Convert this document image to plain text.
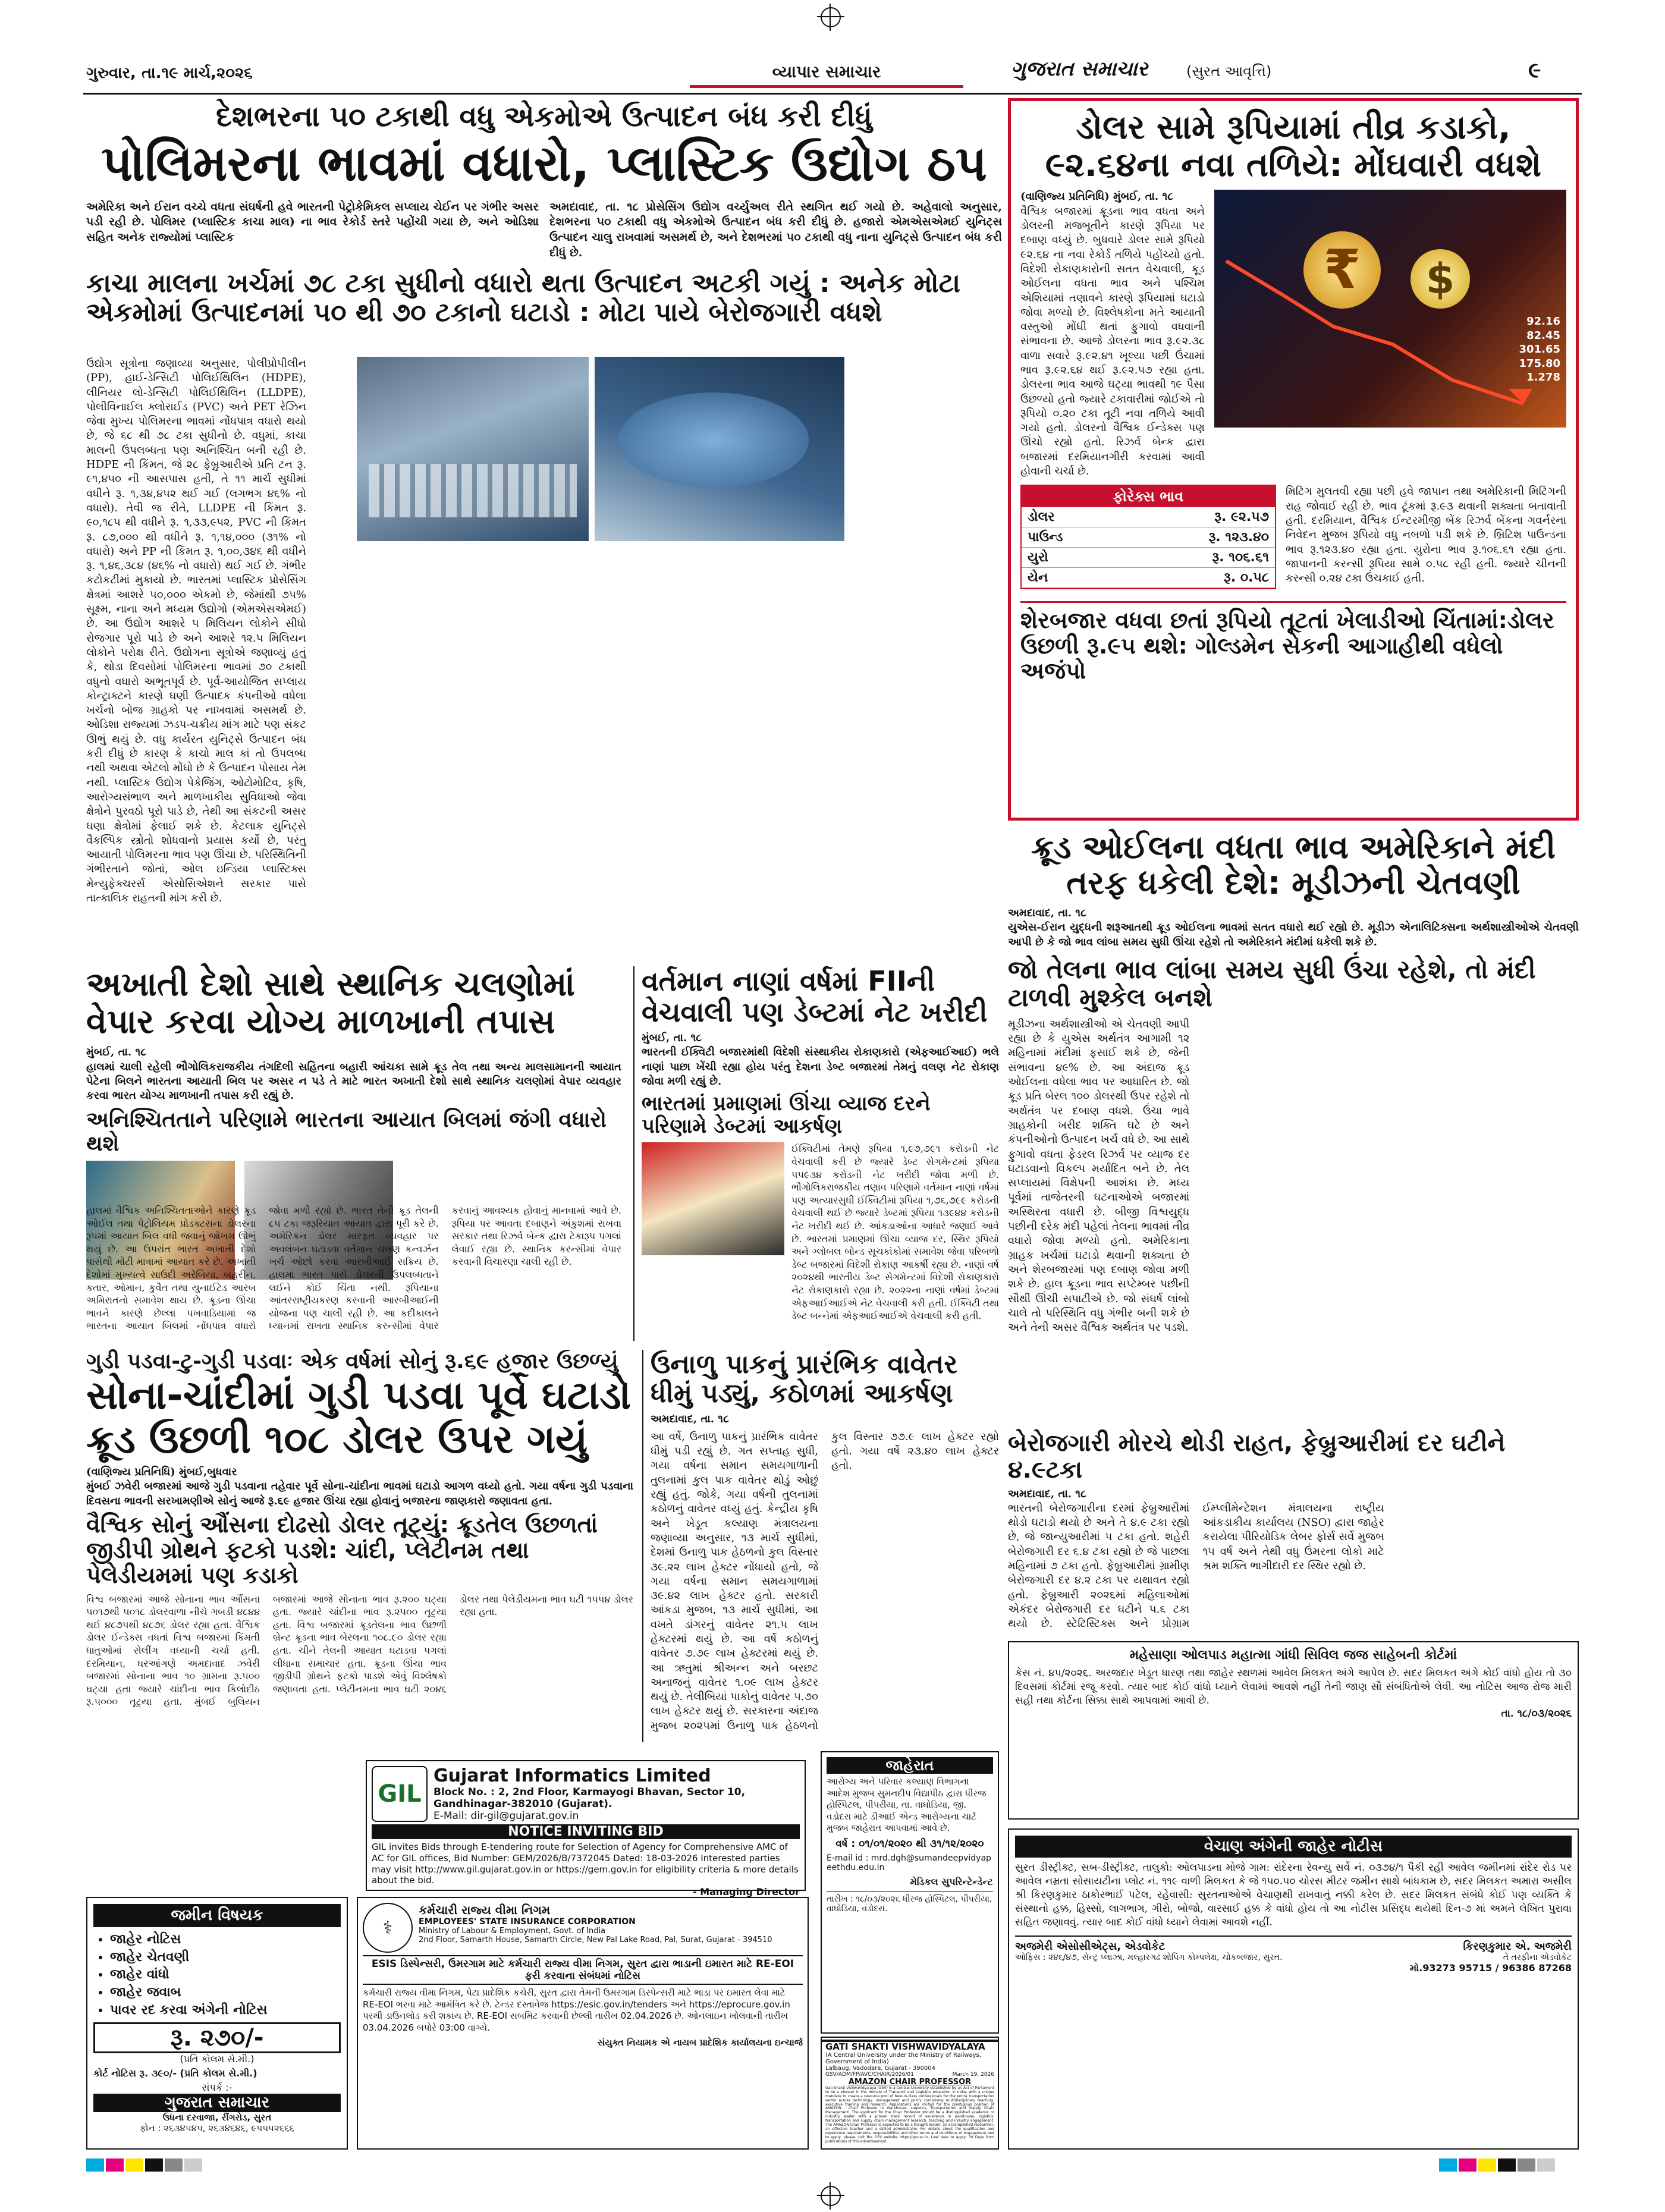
ગુરુવાર, તા.૧૯ માર્ચ,૨૦૨૬	વ્યાપાર સમાચાર	ગુજરાત સમાચાર	(સુરત આવૃત્તિ)	૯
દેશભરના ૫૦ ટકાથી વધુ એકમોએ ઉત્પાદન બંધ કરી દીધું
પોલિમરના ભાવમાં વધારો, પ્લાસ્ટિક ઉદ્યોગ ઠપ
અમેરિકા અને ઈરાન વચ્ચે વધતા સંઘર્ષની હવે ભારતની પેટ્રોકેમિકલ સપ્લાય ચેઈન પર ગંભીર અસર પડી રહી છે. પોલિમર (પ્લાસ્ટિક કાચા માલ) ના ભાવ રેકોર્ડ સ્તરે પહોંચી ગયા છે, અને ઓડિશા સહિત અનેક રાજ્યોમાં પ્લાસ્ટિક
અમદાવાદ, તા. ૧૮ પ્રોસેસિંગ ઉદ્યોગ વર્ચ્યુઅલ રીતે સ્થગિત થઈ ગયો છે. અહેવાલો અનુસાર, દેશભરના ૫૦ ટકાથી વધુ એકમોએ ઉત્પાદન બંધ કરી દીધું છે. હજારો એમએસએમઈ યુનિટ્સ ઉત્પાદન ચાલુ રાખવામાં અસમર્થ છે, અને દેશભરમાં ૫૦ ટકાથી વધુ નાના યુનિટ્સે ઉત્પાદન બંધ કરી દીધું છે.
કાચા માલના ખર્ચમાં ૭૮ ટકા સુધીનો વધારો થતા ઉત્પાદન અટકી ગયું : અનેક મોટા એકમોમાં ઉત્પાદનમાં ૫૦ થી ૭૦ ટકાનો ઘટાડો : મોટા પાયે બેરોજગારી વધશે
ઉદ્યોગ સૂત્રોના જણાવ્યા અનુસાર, પોલીપ્રોપીલીન (PP), હાઈ-ડેન્સિટી પોલિઈથિલિન (HDPE), લીનિયર લો-ડેન્સિટી પોલિઈથિલિન (LLDPE), પોલીવિનાઈલ ક્લોરાઈડ (PVC) અને PET રેઝિન જેવા મુખ્ય પોલિમરના ભાવમાં નોંધપાત્ર વધારો થયો છે, જે ૬૮ થી ૭૮ ટકા સુધીનો છે. વધુમાં, કાચા માલની ઉપલબ્ધતા પણ અનિશ્ચિત બની રહી છે. HDPE ની કિંમત, જે ૨૮ ફેબ્રુઆરીએ પ્રતિ ટન રૂ. ૯૧,૪૫૦ ની આસપાસ હતી, તે ૧૧ માર્ચ સુધીમાં વધીને રૂ. ૧,૩૪,૪૫૨ થઈ ગઈ (લગભગ ૪૬% નો વધારો). તેવી જ રીતે, LLDPE ની કિંમત રૂ. ૯૦,૧૮૫ થી વધીને રૂ. ૧,૩૩,૯૫૨, PVC ની કિંમત રૂ. ૮૭,૦૦૦ થી વધીને રૂ. ૧,૧૪,૦૦૦ (૩૧% નો વધારો) અને PP ની કિંમત રૂ. ૧,૦૦,૩૪૬ થી વધીને રૂ. ૧,૪૬,૩૮૪ (૪૬% નો વધારો) થઈ ગઈ છે. ગંભીર કટોકટીમાં મુકાયો છે. ભારતમાં પ્લાસ્ટિક પ્રોસેસિંગ ક્ષેત્રમાં આશરે ૫૦,૦૦૦ એકમો છે, જેમાંથી ૭૫% સૂક્ષ્મ, નાના અને મધ્યમ ઉદ્યોગો (એમએસએમઈ) છે. આ ઉદ્યોગ આશરે ૫ મિલિયન લોકોને સીધો રોજગાર પૂરો પાડે છે અને આશરે ૧૨.૫ મિલિયન લોકોને પરોક્ષ રીતે. ઉદ્યોગના સૂત્રોએ જણાવ્યું હતું કે, થોડા દિવસોમાં પોલિમરના ભાવમાં ૭૦ ટકાથી વધુનો વધારો અભૂતપૂર્વ છે. પૂર્વ-આયોજિત સપ્લાય કોન્ટ્રાક્ટને કારણે ઘણી ઉત્પાદક કંપનીઓ વધેલા ખર્ચનો બોજ ગ્રાહકો પર નાખવામાં અસમર્થ છે. ઓડિશા રાજ્યમાં ઝડપ-ચક્રીય માંગ માટે પણ સંકટ ઊભું થયું છે. વધુ કાર્યરત યુનિટ્સે ઉત્પાદન બંધ કરી દીધું છે કારણ કે કાચો માલ કાં તો ઉપલબ્ધ નથી અથવા એટલો મોંઘો છે કે ઉત્પાદન પોસાય તેમ નથી. પ્લાસ્ટિક ઉદ્યોગ પેકેજિંગ, ઓટોમોટિવ, કૃષિ, આરોગ્યસંભાળ અને માળખાકીય સુવિધાઓ જેવા ક્ષેત્રોને પુરવઠો પૂરો પાડે છે, તેથી આ સંકટની અસર ઘણા ક્ષેત્રોમાં ફેલાઈ શકે છે. કેટલાક યુનિટ્સે વૈકલ્પિક સ્ત્રોતો શોધવાનો પ્રયાસ કર્યો છે, પરંતુ આયાતી પોલિમરના ભાવ પણ ઊંચા છે. પરિસ્થિતિની ગંભીરતાને જોતાં, ઓલ ઇન્ડિયા પ્લાસ્ટિક્સ મેન્યુફેક્ચરર્સ એસોસિએશને સરકાર પાસે તાત્કાલિક રાહતની માંગ કરી છે.
ડોલર સામે રૂપિયામાં તીવ્ર કડાકો,
૯૨.૬૪ના નવા તળિયે: મોંઘવારી વધશે
(વાણિજ્ય પ્રતિનિધિ) મુંબઈ, તા. ૧૮
વૈશ્વિક બજારમાં ક્રૂડના ભાવ વધતા અને ડોલરની મજબૂતીને કારણે રૂપિયા પર દબાણ વધ્યું છે. બુધવારે ડોલર સામે રૂપિયો ૯૨.૬૪ ના નવા રેકોર્ડ તળિયે પહોંચ્યો હતો. વિદેશી રોકાણકારોની સતત વેચવાલી, ક્રૂડ ઓઈલના વધતા ભાવ અને પશ્ચિમ એશિયામાં તણાવને કારણે રૂપિયામાં ઘટાડો જોવા મળ્યો છે. વિશ્લેષકોના મતે આયાતી વસ્તુઓ મોંઘી થતાં ફુગાવો વધવાની સંભાવના છે. આજે ડોલરના ભાવ રૂ.૯૨.૩૮ વાળા સવારે રૂ.૯૨.૪૧ ખૂલ્યા પછી ઉંચામાં ભાવ રૂ.૯૨.૬૪ થઈ રૂ.૯૨.૫૭ રહ્યા હતા. ડોલરના ભાવ આજે ઘટ્યા ભાવથી ૧૯ પૈસા ઉછળ્યો હતો જ્યારે ટકાવારીમાં જોઈએ તો રૂપિયો ૦.૨૦ ટકા તૂટી નવા તળિયે આવી ગયો હતો. ડોલરનો વૈશ્વિક ઈન્ડેક્સ પણ ઊંચો રહ્યો હતો. રિઝર્વ બેન્ક દ્વારા બજારમાં દરમિયાનગીરી કરવામાં આવી હોવાની ચર્ચા છે.
₹	$
92.16
82.45
301.65
175.80
1.278
ફોરેક્સ ભાવ
ડોલર	રૂ. ૯૨.૫૭
પાઉન્ડ	રૂ. ૧૨૩.૪૦
યુરો	રૂ. ૧૦૬.૬૧
યેન	રૂ. ૦.૫૮
મિટિંગ મુલતવી રહ્યા પછી હવે જાપાન તથા અમેરિકાની મિટિંગની રાહ જોવાઈ રહી છે. ભાવ ટૂંકમાં રૂ.૯૩ થવાની શક્યતા બતાવાતી હતી. દરમિયાન, વૈશ્વિક ઈન્ટરમીજી બેંક રિઝર્વ બેંકના ગવર્નરના નિવેદન મુજબ રૂપિયો વધુ નબળો પડી શકે છે. બ્રિટિશ પાઉન્ડના ભાવ રૂ.૧૨૩.૪૦ રહ્યા હતા. યુરોના ભાવ રૂ.૧૦૬.૬૧ રહ્યા હતા. જાપાનની કરન્સી રૂપિયા સામે ૦.૫૮ રહી હતી. જ્યારે ચીનની કરન્સી ૦.૨૪ ટકા ઉંચકાઈ હતી.
શેરબજાર વધવા છતાં રૂપિયો તૂટતાં ખેલાડીઓ ચિંતામાં:ડોલર ઉછળી રૂ.૯૫ થશે: ગોલ્ડમેન સેકની આગાહીથી વધેલો અજંપો
અખાતી દેશો સાથે સ્થાનિક ચલણોમાં વેપાર કરવા યોગ્ય માળખાની તપાસ
મુંબઈ, તા. ૧૮
હાલમાં ચાલી રહેલી ભૌગોલિકરાજકીય તંગદિલી સહિતના બહારી આંચકા સામે ક્રૂડ તેલ તથા અન્ય માલસામાનની આયાત પેટેના બિલને ભારતના આયાતી બિલ પર અસર ન પડે તે માટે ભારત અખાતી દેશો સાથે સ્થાનિક ચલણોમાં વેપાર વ્યવહાર કરવા ભારત યોગ્ય માળખાની તપાસ કરી રહ્યું છે.
અનિશ્ચિતતાને પરિણામે ભારતના આયાત બિલમાં જંગી વધારો થશે
હાલમાં વૈશ્વિક અનિશ્ચિતતાઓને કારણે ક્રૂડ ઓઈલ તથા પેટ્રોલિયમ પ્રોડક્ટસના ડોલરના રૂપમાં આયાત બિલ વધી જવાનું જોખમ ઊભું થયું છે. આ ઉપરાંત ભારત અખાતી દેશો પાસેથી મોટી માત્રામાં આયાત કરે છે. અખાતી દેશોમાં મુખ્યત્વે સાઉદી અરેબિયા, બહરીન, કતાર, ઓમાન, કુવૈત તથા યુનાઈટેડ આરબ અમિરાતનો સમાવેશ થાય છે. ક્રૂડના ઊંચા ભાવને કારણે છેલ્લા પખવાડિયામાં જ ભારતના આયાત બિલમાં નોંધપાત્ર વધારો જોવા મળી રહ્યો છે. ભારત તેની ક્રૂડ તેલની ૮૫ ટકા જરૂરિયાત આયાત દ્વારા પૂરી કરે છે. અમેરિકન ડોલર મારફત વ્યવહાર પર અવલંબન ઘટાડવા વર્તમાન ચલણ કન્વર્ઝન ખર્ચ ઓછો કરવા આરબીઆઈ સક્રિય છે. હાલમાં ભારત પાસે ડોલરની ઉપલબ્ધતાને લઈને કોઈ ચિંતા નથી. રૂપિયાના આંતરરાષ્ટ્રીયકરણ કરવાની આરબીઆઈની યોજના પણ ચાલી રહી છે. આ કદીકાલને ધ્યાનમાં રાખતા સ્થાનિક કરન્સીમાં વેપાર કરવાનું આવશ્યક હોવાનું માનવામાં આવે છે. રૂપિયા પર આવતા દબાણને અંકુશમાં રાખવા સરકાર તથા રિઝર્વ બેન્ક દ્વારા ટેકારૂપ પગલાં લેવાઈ રહ્યા છે. સ્થાનિક કરન્સીમાં વેપાર કરવાની વિચારણા ચાલી રહી છે.
વર્તમાન નાણાં વર્ષમાં FIIની વેચવાલી પણ ડેબ્ટમાં નેટ ખરીદી
મુંબઈ, તા. ૧૮
ભારતની ઈક્વિટી બજારમાંથી વિદેશી સંસ્થાકીય રોકાણકારો (એફઆઈઆઈ) ભલે નાણાં પાછા ખેંચી રહ્યા હોય પરંતુ દેશના ડેબ્ટ બજારમાં તેમનું વલણ નેટ રોકાણ જોવા મળી રહ્યું છે.
ભારતમાં પ્રમાણમાં ઊંચા વ્યાજ દરને પરિણામે ડેબ્ટમાં આકર્ષણ
ઈક્વિટીમાં તેમણે રૂપિયા ૧,૯૭,૭૯૧ કરોડની નેટ વેચવાલી કરી છે જ્યારે ડેબ્ટ સેગમેન્ટમાં રૂપિયા ૫૫૯૩૪ કરોડની નેટ ખરીદી જોવા મળી છે. ભૌગોલિકરાજકીય તણાવ પરિણામે વર્તમાન નાણાં વર્ષમાં પણ અત્યારસુધી ઈક્વિટીમાં રૂપિયા ૧,૭૬,૭૯૯ કરોડની વેચવાલી થઈ છે જ્યારે ડેબ્ટમાં રૂપિયા ૧૩૯૪૪ કરોડની નેટ ખરીદી થઈ છે. આંકડાઓના આધારે જણાઈ આવે છે. ભારતમાં પ્રમાણમાં ઊંચા વ્યાજ દર, સ્થિર રૂપિયો અને ગ્લોબલ બોન્ડ સૂચકાંકોમાં સમાવેશ જેવા પરિબળો ડેબ્ટ બજારમાં વિદેશી રોકાણ આકર્ષી રહ્યા છે. નાણાં વર્ષ ૨૦૨૪થી ભારતીય ડેબ્ટ સેગમેન્ટમાં વિદેશી રોકાણકારો નેટ રોકાણકારો રહ્યા છે. ૨૦૨૨ના નાણાં વર્ષમાં ડેબ્ટમાં એફઆઈઆઈએ નેટ વેચવાલી કરી હતી. ઈક્વિટી તથા ડેબ્ટ બન્નેમાં એફઆઈઆઈએ વેચવાલી કરી હતી.
ક્રૂડ ઓઈલના વધતા ભાવ અમેરિકાને મંદી તરફ ધકેલી દેશે: મૂડીઝની ચેતવણી
અમદાવાદ, તા. ૧૮
યુએસ-ઈરાન યુદ્ધની શરૂઆતથી ક્રૂડ ઓઈલના ભાવમાં સતત વધારો થઈ રહ્યો છે. મૂડીઝ એનાલિટિક્સના અર્થશાસ્ત્રીઓએ ચેતવણી આપી છે કે જો ભાવ લાંબા સમય સુધી ઊંચા રહેશે તો અમેરિકાને મંદીમાં ધકેલી શકે છે.
જો તેલના ભાવ લાંબા સમય સુધી ઉંચા રહેશે, તો મંદી ટાળવી મુશ્કેલ બનશે
મૂડીઝના અર્થશાસ્ત્રીઓ એ ચેતવણી આપી રહ્યા છે કે યુએસ અર્થતંત્ર આગામી ૧૨ મહિનામાં મંદીમાં ફસાઈ શકે છે, જેની સંભાવના ૪૯% છે. આ અંદાજ ક્રૂડ ઓઈલના વધેલા ભાવ પર આધારિત છે. જો ક્રૂડ પ્રતિ બેરલ ૧૦૦ ડોલરથી ઉપર રહેશે તો અર્થતંત્ર પર દબાણ વધશે. ઉંચા ભાવે ગ્રાહકોની ખરીદ શક્તિ ઘટે છે અને કંપનીઓનો ઉત્પાદન ખર્ચ વધે છે. આ સાથે ફુગાવો વધતા ફેડરલ રિઝર્વ પર વ્યાજ દર ઘટાડવાનો વિકલ્પ મર્યાદિત બને છે. તેલ સપ્લાયમાં વિક્ષેપની આશંકા છે. મધ્ય પૂર્વમાં તાજેતરની ઘટનાઓએ બજારમાં અસ્થિરતા વધારી છે. બીજી વિશ્વયુદ્ધ પછીની દરેક મંદી પહેલાં તેલના ભાવમાં તીવ્ર વધારો જોવા મળ્યો હતો. અમેરિકાના ગ્રાહક ખર્ચમાં ઘટાડો થવાની શક્યતા છે અને શેરબજારમાં પણ દબાણ જોવા મળી શકે છે. હાલ ક્રૂડના ભાવ સપ્ટેમ્બર પછીની સૌથી ઊંચી સપાટીએ છે. જો સંઘર્ષ લાંબો ચાલે તો પરિસ્થિતિ વધુ ગંભીર બની શકે છે અને તેની અસર વૈશ્વિક અર્થતંત્ર પર પડશે.
ગુડી પડવા-ટુ-ગુડી પડવાઃ એક વર્ષમાં સોનું રૂ.૬૯ હજાર ઉછળ્યું
સોના-ચાંદીમાં ગુડી પડવા પૂર્વે ઘટાડો
ક્રૂડ ઉછળી ૧૦૮ ડોલર ઉપર ગયું
(વાણિજ્ય પ્રતિનિધિ) મુંબઈ,બુધવાર
મુંબઈ ઝવેરી બજારમાં આજે ગુડી પડવાના તહેવાર પૂર્વે સોના-ચાંદીના ભાવમાં ઘટાડો આગળ વધ્યો હતો. ગયા વર્ષના ગુડી પડવાના દિવસના ભાવની સરખામણીએ સોનું આજે રૂ.૬૯ હજાર ઊંચા રહ્યા હોવાનું બજારના જાણકારો જણાવતા હતા.
વૈશ્વિક સોનું ઔંસના દોઢસો ડોલર તૂટ્યું: ક્રૂડતેલ ઉછળતાં જીડીપી ગ્રોથને ફટકો પડશે: ચાંદી, પ્લેટીનમ તથા પેલેડીયમમાં પણ કડાકો
વિશ્વ બજારમાં આજે સોનાના ભાવ ઔંસના ૫૦૧૭થી ૫૦૧૮ ડોલરવાળા નીચે ગબડી ૪૮૪૪ થઈ ૪૮૭૫થી ૪૮૭૬ ડોલર રહ્યા હતા. વૈશ્વિક ડોલર ઈન્ડેક્સ વધતાં વિશ્વ બજારમાં કિંમતી ધાતુઓમાં સેલીંગ વધ્યાની ચર્ચા હતી. દરમિયાન, ઘરઆંગણે અમદાવાદ ઝવેરી બજારમાં સોનાના ભાવ ૧૦ ગ્રામના રૂ.૫૦૦ ઘટ્યા હતા જ્યારે ચાંદીના ભાવ કિલોદીઠ રૂ.૫૦૦૦ તૂટ્યા હતા. મુંબઈ બુલિયન બજારમાં આજે સોનાના ભાવ રૂ.૨૦૦ ઘટ્યા હતા. જ્યારે ચાંદીના ભાવ રૂ.૨૫૦૦ તૂટ્યા હતા. વિશ્વ બજારમાં ક્રૂડતેલના ભાવ ઉછળી બ્રેન્ટ ક્રૂડના ભાવ બેરલના ૧૦૮.૯૦ ડોલર રહ્યા હતા. ચીને તેલની આયાત ઘટાડવા પગલાં લીધાના સમાચાર હતા. ક્રૂડના ઊંચા ભાવ જીડીપી ગ્રોથને ફટકો પાડશે એવું વિશ્લેષકો જણાવતા હતા. પ્લેટીનમના ભાવ ઘટી ૨૦૪૬ ડોલર તથા પેલેડીયમના ભાવ ઘટી ૧૫૫૪ ડોલર રહ્યા હતા.
ઉનાળુ પાકનું પ્રારંભિક વાવેતર ધીમું પડ્યું, કઠોળમાં આકર્ષણ
અમદાવાદ, તા. ૧૮
આ વર્ષે, ઉનાળુ પાકનું પ્રારંભિક વાવેતર ધીમું પડી રહ્યું છે. ગત સપ્તાહ સુધી, ગયા વર્ષના સમાન સમયગાળાની તુલનામાં કુલ પાક વાવેતર થોડું ઓછું રહ્યું હતું. જોકે, ગયા વર્ષની તુલનામાં કઠોળનું વાવેતર વધ્યું હતું. કેન્દ્રીય કૃષિ અને ખેડૂત કલ્યાણ મંત્રાલયના જણાવ્યા અનુસાર, ૧૩ માર્ચ સુધીમાં, દેશમાં ઉનાળુ પાક હેઠળનો કુલ વિસ્તાર ૩૯.૨૨ લાખ હેક્ટર નોંધાયો હતો, જે ગયા વર્ષના સમાન સમયગાળામાં ૩૯.૪૨ લાખ હેક્ટર હતો. સરકારી આંકડા મુજબ, ૧૩ માર્ચ સુધીમાં, આ વખતે ડાંગરનું વાવેતર ૨૧.૫ લાખ હેક્ટરમાં થયું છે. આ વર્ષે કઠોળનું વાવેતર ૭.૭૯ લાખ હેક્ટરમાં થયું છે. આ ઋતુમાં શ્રીઅન્ન અને બરછટ અનાજનું વાવેતર ૧.૦૯ લાખ હેક્ટર થયું છે. તેલીબિયાં પાકોનું વાવેતર ૫.૭૦ લાખ હેક્ટર થયું છે. સરકારના અંદાજ મુજબ ૨૦૨૫માં ઉનાળુ પાક હેઠળનો કુલ વિસ્તાર ૭૭.૯ લાખ હેક્ટર રહ્યો હતો. ગયા વર્ષે ૨૩.૪૦ લાખ હેક્ટર હતો.
બેરોજગારી મોરચે થોડી રાહત, ફેબ્રુઆરીમાં દર ઘટીને ૪.૯ટકા
અમદાવાદ, તા. ૧૮
ભારતની બેરોજગારીના દરમાં ફેબ્રુઆરીમાં થોડો ઘટાડો થયો છે અને તે ૪.૯ ટકા રહ્યો છે, જે જાન્યુઆરીમાં ૫ ટકા હતો. શહેરી બેરોજગારી દર ૬.૪ ટકા રહ્યો છે જે પાછલા મહિનામાં ૭ ટકા હતો. ફેબ્રુઆરીમાં ગ્રામીણ બેરોજગારી દર ૪.૨ ટકા પર યથાવત રહ્યો હતો. ફેબ્રુઆરી ૨૦૨૬માં મહિલાઓમાં એકંદર બેરોજગારી દર ઘટીને ૫.૬ ટકા થયો છે. સ્ટેટિસ્ટિક્સ અને પ્રોગ્રામ ઈમ્પ્લીમેન્ટેશન મંત્રાલયના રાષ્ટ્રીય આંકડાકીય કાર્યાલય (NSO) દ્વારા જાહેર કરાયેલા પીરિયોડિક લેબર ફોર્સ સર્વે મુજબ ૧૫ વર્ષ અને તેથી વધુ ઉંમરના લોકો માટે શ્રમ શક્તિ ભાગીદારી દર સ્થિર રહ્યો છે.
મહેસાણા ઓલપાડ મહાત્મા ગાંધી સિવિલ જજ સાહેબની કોર્ટમાં
કેસ નં. ૪૫/૨૦૨૬. અરજદાર ખેડૂત ધારણ તથા જાહેર સ્થળમાં આવેલ મિલકત અંગે આપેલ છે. સદર મિલકત અંગે કોઈ વાંધો હોય તો ૩૦ દિવસમાં કોર્ટમાં રજૂ કરવો. ત્યાર બાદ કોઈ વાંધો ધ્યાને લેવામાં આવશે નહીં તેની જાણ સૌ સંબંધિતોએ લેવી. આ નોટિસ આજ રોજ મારી સહી તથા કોર્ટના સિક્કા સાથે આપવામાં આવી છે.
તા. ૧૮/૦૩/૨૦૨૬
GIL
Gujarat Informatics Limited
Block No. : 2, 2nd Floor, Karmayogi Bhavan, Sector 10, Gandhinagar-382010 (Gujarat).
E-Mail: dir-gil@gujarat.gov.in
NOTICE INVITING BID
GIL invites Bids through E-tendering route for Selection of Agency for Comprehensive AMC of AC for GIL offices, Bid Number: GEM/2026/B/7372045 Dated: 18-03-2026 Interested parties may visit http://www.gil.gujarat.gov.in or https://gem.gov.in for eligibility criteria & more details about the bid.
- Managing Director
જાહેરાત
આરોગ્ય અને પરિવાર કલ્યાણ વિભાગના આદેશ મુજબ સુમનદીપ વિદ્યાપીઠ દ્વારા ધીરજ હોસ્પિટલ, પીપરીયા, તા. વાઘોડિયા, જી. વડોદરા માટે ડીઆઈ એન્ડ આરોગ્યના ચાર્ટ મુજબ જાહેરાત આપવામાં આવે છે.
વર્ષ : ૦૧/૦૧/૨૦૨૦ થી ૩૧/૧૨/૨૦૨૦
E-mail id : mrd.dgh@sumandeepvidyapeethdu.edu.in
મેડિકલ સુપરિન્ટેન્ડેન્ટ
તારીખ : ૧૮/૦૩/૨૦૨૬ ધીરજ હોસ્પિટલ, પીપરીયા, વાઘોડિયા, વડોદરા.
જમીન વિષયક
• જાહેર નોટિસ
• જાહેર ચેતવણી
• જાહેર વાંધો
• જાહેર જવાબ
• પાવર રદ કરવા અંગેની નોટિસ
રૂ. ૨૭૦/-
(પ્રતિ કોલમ સે.મી.)
કોર્ટ નોટિસ રૂ. ૩૯૦/- (પ્રતિ કોલમ સે.મી.)
સંપર્ક :-
ગુજરાત સમાચાર
ઉધના દરવાજા, રીંગરોડ, સુરત
ફોન : ૨૬૩૪૫૪૫, ૨૬૩૪૬૪૬, ૯૫૫૫૨૬૬૬
⚕
કર્મચારી રાજ્ય વીમા નિગમ
EMPLOYEES' STATE INSURANCE CORPORATION
Ministry of Labour & Employment, Govt. of India
2nd Floor, Samarth House, Samarth Circle, New Pal Lake Road, Pal, Surat, Gujarat - 394510
ESIS ડિસ્પેન્સરી, ઉમરગામ માટે કર્મચારી રાજ્ય વીમા નિગમ, સુરત દ્વારા ભાડાની ઇમારત માટે RE-EOI ફરી કરવાના સંબંધમાં નોટિસ
કર્મચારી રાજ્ય વીમા નિગમ, પેટા પ્રાદેશિક કચેરી, સુરત દ્વારા તેમની ઉમરગામ ડિસ્પેન્સરી માટે ભાડા પર ઇમારત લેવા માટે RE-EOI ભરવા માટે આમંત્રિત કરે છે. ટેન્ડર દસ્તાવેજ https://esic.gov.in/tenders અને https://eprocure.gov.in પરથી ડાઉનલોડ કરી શકાય છે. RE-EOI સબમિટ કરવાની છેલ્લી તારીખ 02.04.2026 છે. ઓનલાઇન ખોલવાની તારીખ 03.04.2026 બપોરે 03:00 વાગ્યે.
સંયુક્ત નિયામક એ નાયબ પ્રાદેશિક કાર્યાલયના ઇન્ચાર્જ
વેચાણ અંગેની જાહેર નોટીસ
સુરત ડીસ્ટ્રીક્ટ, સબ-ડીસ્ટ્રીક્ટ, તાલુકો: ઓલપાડના મોજે ગામ: રાંદેરના રેવન્યુ સર્વે નં. ૦૩૭૪/૧ પૈકી રહી આવેલ જમીનમાં રાંદેર રોડ પર આવેલ નમ્રતા સોસાયટીના પ્લોટ નં. ૧૧૯ વાળી મિલકત કે જે ૧૫૦.૫૦ ચોરસ મીટર જમીન સાથે બાંધકામ છે, સદર મિલકત અમારા અસીલ શ્રી કિરણકુમાર ઠાકોરભાઈ પટેલ, રહેવાસી: સુરતનાઓએ વેચાણથી રાખવાનું નક્કી કરેલ છે. સદર મિલકત સંબંધે કોઈ પણ વ્યક્તિ કે સંસ્થાનો હક્ક, હિસ્સો, લાગભાગ, ગીરો, બોજો, વારસાઈ હક્ક કે વાંધો હોય તો આ નોટીસ પ્રસિદ્ધ થયેથી દિન-૭ માં અમને લેખિત પુરાવા સહિત જણાવવું. ત્યાર બાદ કોઈ વાંધો ધ્યાને લેવામાં આવશે નહીં.
અજમેરી એસોસીએટ્સ, એડવોકેટ
ઓફિસ : ૨૪૬/૪૭, સેન્ટ્ર પ્લાઝા, મલ્હારગઢ શોપિંગ કોમ્પલેક્ષ, ચોકબજાર, સુરત.
કિરણકુમાર એ. અજમેરી
તે તરફીના એડવોકેટ
મો.93273 95715 / 96386 87268
GATI SHAKTI VISHWAVIDYALAYA
(A Central University under the Ministry of Railways, Government of India)
Lalbaug, Vadodara, Gujarat - 390004
GSV/ADM/FP/AVC/CHAIR/2026/01	March 19, 2026
AMAZON CHAIR PROFESSOR
Gati Shakti Vishwavidyalaya (GSV) is a Central University established by an Act of Parliament to be a pioneer in the domain of Transport and Logistics education in India, with a unique mandate to create a resource pool of best-in-class professionals for the entire transportation sector across technology, management and policy comprising multidisciplinary teaching, executive training and research. Applications are invited for the prestigious position of AMAZON - Chair Professor in Warehouse, Logistics, Transportation and Supply Chain Management. The applicant for the Chair Professor should be a distinguished academic or industry leader with a proven track record of excellence in warehouse, logistics, transportation and supply chain management research, teaching and industry engagement. The AMAZON Chair Professor is expected to be a thought leader, an accomplished researcher, an effective teacher and a skilled administrator. For details about the qualification and experience requirements, responsibilities and other terms and conditions of engagement and to apply, please visit the GSV website https://gsv.ac.in. Last date to apply: 30 Days from publications of this advertisement.
